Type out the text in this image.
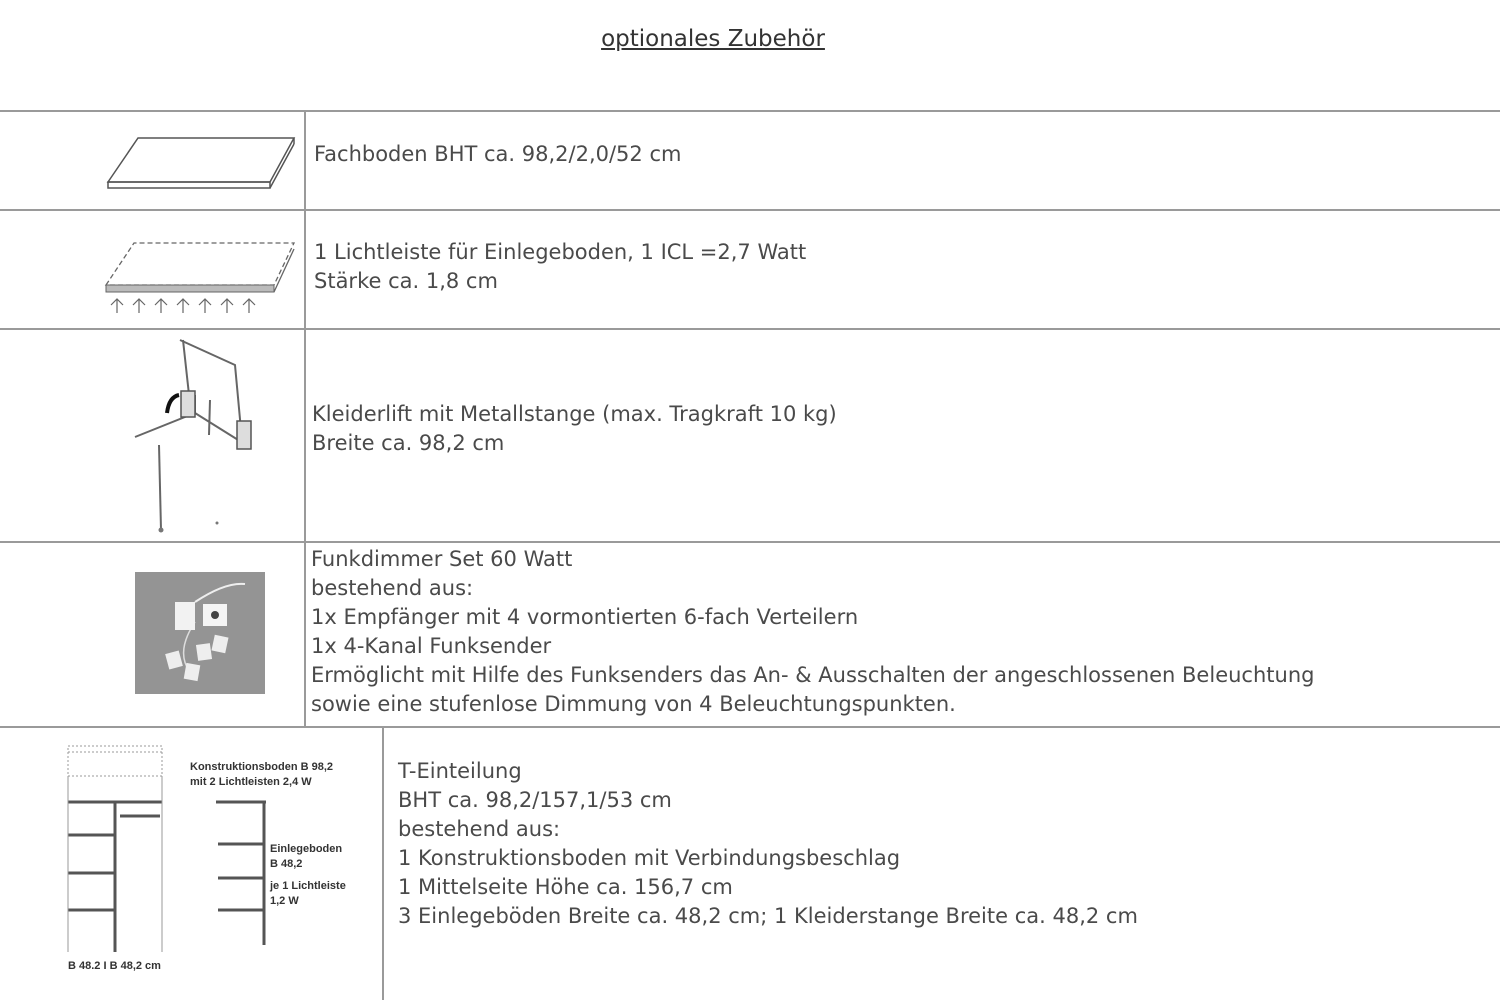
optionales Zubehör
Fachboden BHT ca. 98,2/2,0/52 cm
1 Lichtleiste für Einlegeboden, 1 ICL =2,7 Watt
Stärke ca. 1,8 cm
Kleiderlift mit Metallstange (max. Tragkraft 10 kg)
Breite ca. 98,2 cm
Funkdimmer Set 60 Watt
bestehend aus:
1x Empfänger mit 4 vormontierten 6-fach Verteilern
1x 4-Kanal Funksender
Ermöglicht mit Hilfe des Funksenders das An- & Ausschalten der angeschlossenen Beleuchtung
sowie eine stufenlose Dimmung von 4 Beleuchtungspunkten.
Konstruktionsboden B 98,2
mit 2 Lichtleisten 2,4 W
Einlegeboden
B 48,2
je 1 Lichtleiste
1,2 W
B 48.2 I B 48,2 cm
T-Einteilung
BHT ca. 98,2/157,1/53 cm
bestehend aus:
1 Konstruktionsboden mit Verbindungsbeschlag
1 Mittelseite Höhe ca. 156,7 cm
3 Einlegeböden Breite ca. 48,2 cm; 1 Kleiderstange Breite ca. 48,2 cm
